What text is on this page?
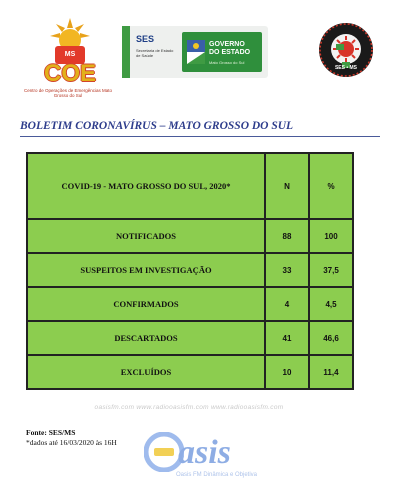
MS
COE
Centro de Operações de Emergências Mato Grosso do Sul
SES
Secretaria de Estado de Saúde
GOVERNO
DO ESTADO
Mato Grosso do Sul
SES • MS
BOLETIM CORONAVÍRUS – MATO GROSSO DO SUL
COVID-19 - MATO GROSSO DO SUL, 2020*	N	%
NOTIFICADOS	88	100
SUSPEITOS EM INVESTIGAÇÃO	33	37,5
CONFIRMADOS	4	4,5
DESCARTADOS	41	46,6
EXCLUÍDOS	10	11,4
oasisfm.com www.radiooasisfm.com www.radiooasisfm.com
Fonte: SES/MS
*dados até 16/03/2020 às 16H asis
Oasis FM Dinâmica e Objetiva
